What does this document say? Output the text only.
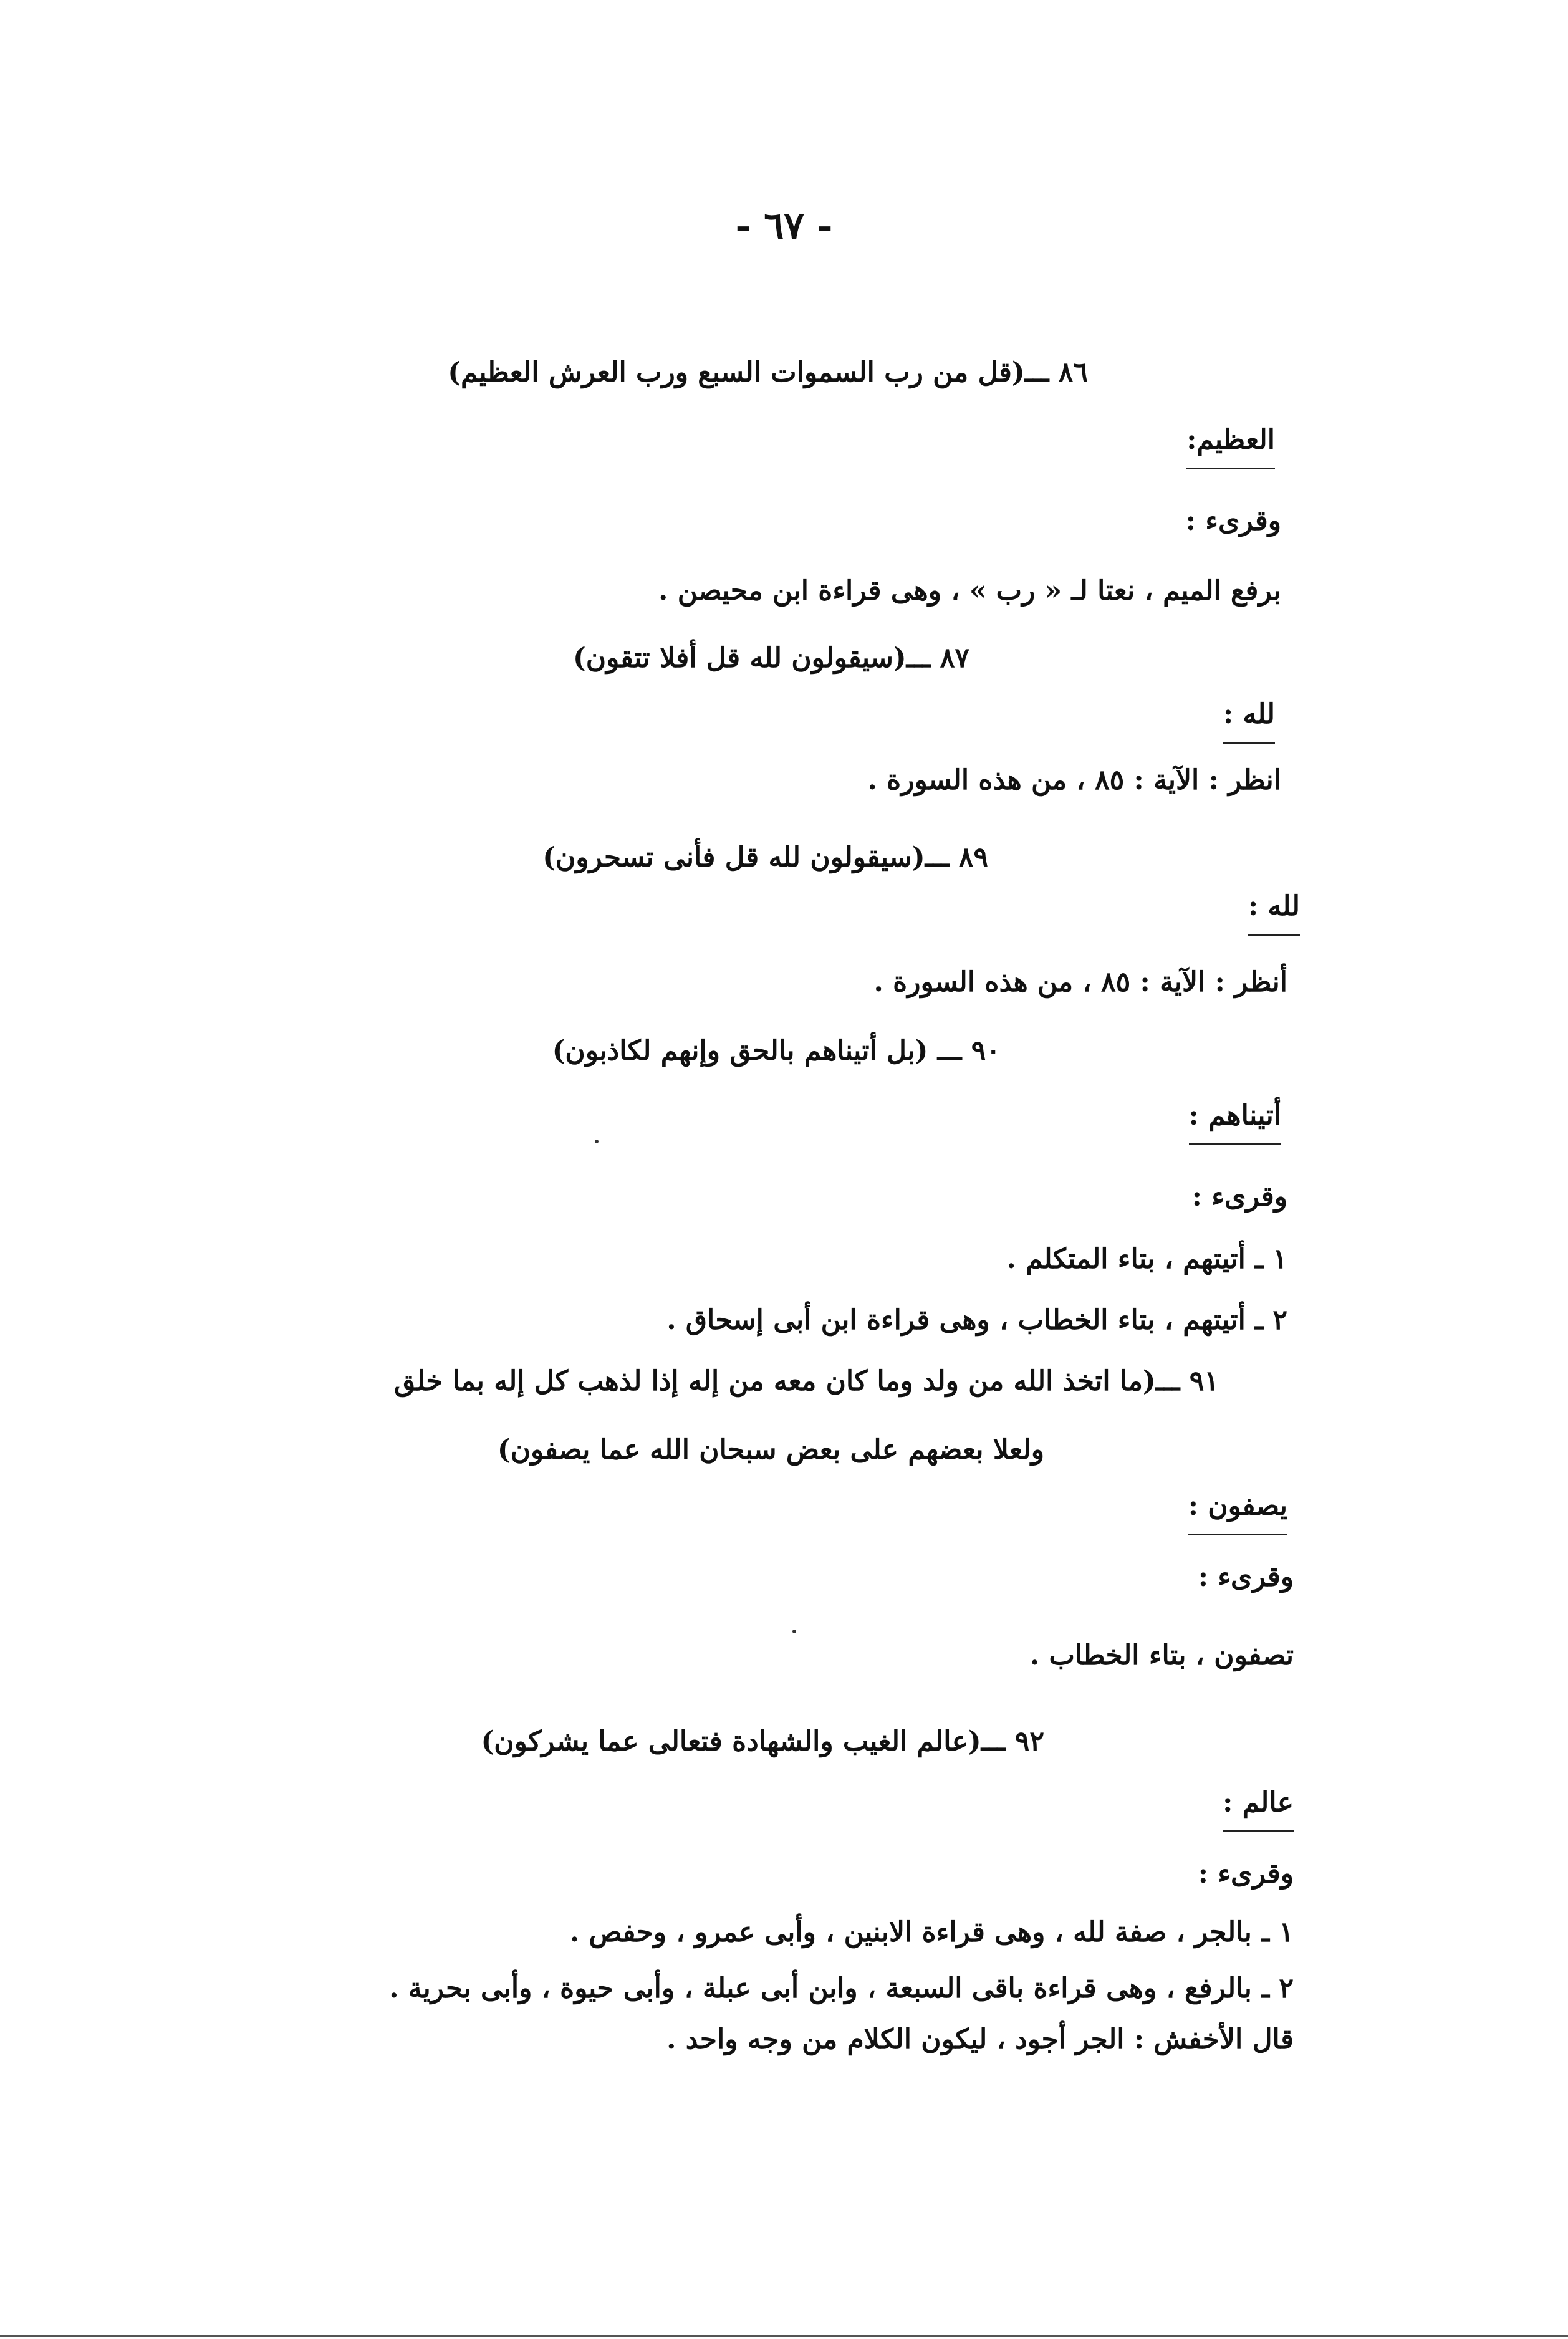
- ٦٧ -
٨٦ ـــ(قل من رب السموات السبع ورب العرش العظيم)
العظيم:
وقرىء :
برفع الميم ، نعتا لـ « رب » ، وهى قراءة ابن محيصن .
٨٧ ـــ(سيقولون لله قل أفلا تتقون)
لله :
انظر : الآية : ٨٥ ، من هذه السورة .
٨٩ ـــ(سيقولون لله قل فأنى تسحرون)
لله :
أنظر : الآية : ٨٥ ، من هذه السورة .
٩٠ ـــ (بل أتيناهم بالحق وإنهم لكاذبون)
أتيناهم :
وقرىء :
١ ـ أتيتهم ، بتاء المتكلم .
٢ ـ أتيتهم ، بتاء الخطاب ، وهى قراءة ابن أبى إسحاق .
٩١ ـــ(ما اتخذ الله من ولد وما كان معه من إله إذا لذهب كل إله بما خلق
ولعلا بعضهم على بعض سبحان الله عما يصفون)
يصفون :
وقرىء :
تصفون ، بتاء الخطاب .
٩٢ ـــ(عالم الغيب والشهادة فتعالى عما يشركون)
عالم :
وقرىء :
١ ـ بالجر ، صفة لله ، وهى قراءة الابنين ، وأبى عمرو ، وحفص .
٢ ـ بالرفع ، وهى قراءة باقى السبعة ، وابن أبى عبلة ، وأبى حيوة ، وأبى بحرية .
قال الأخفش : الجر أجود ، ليكون الكلام من وجه واحد .
